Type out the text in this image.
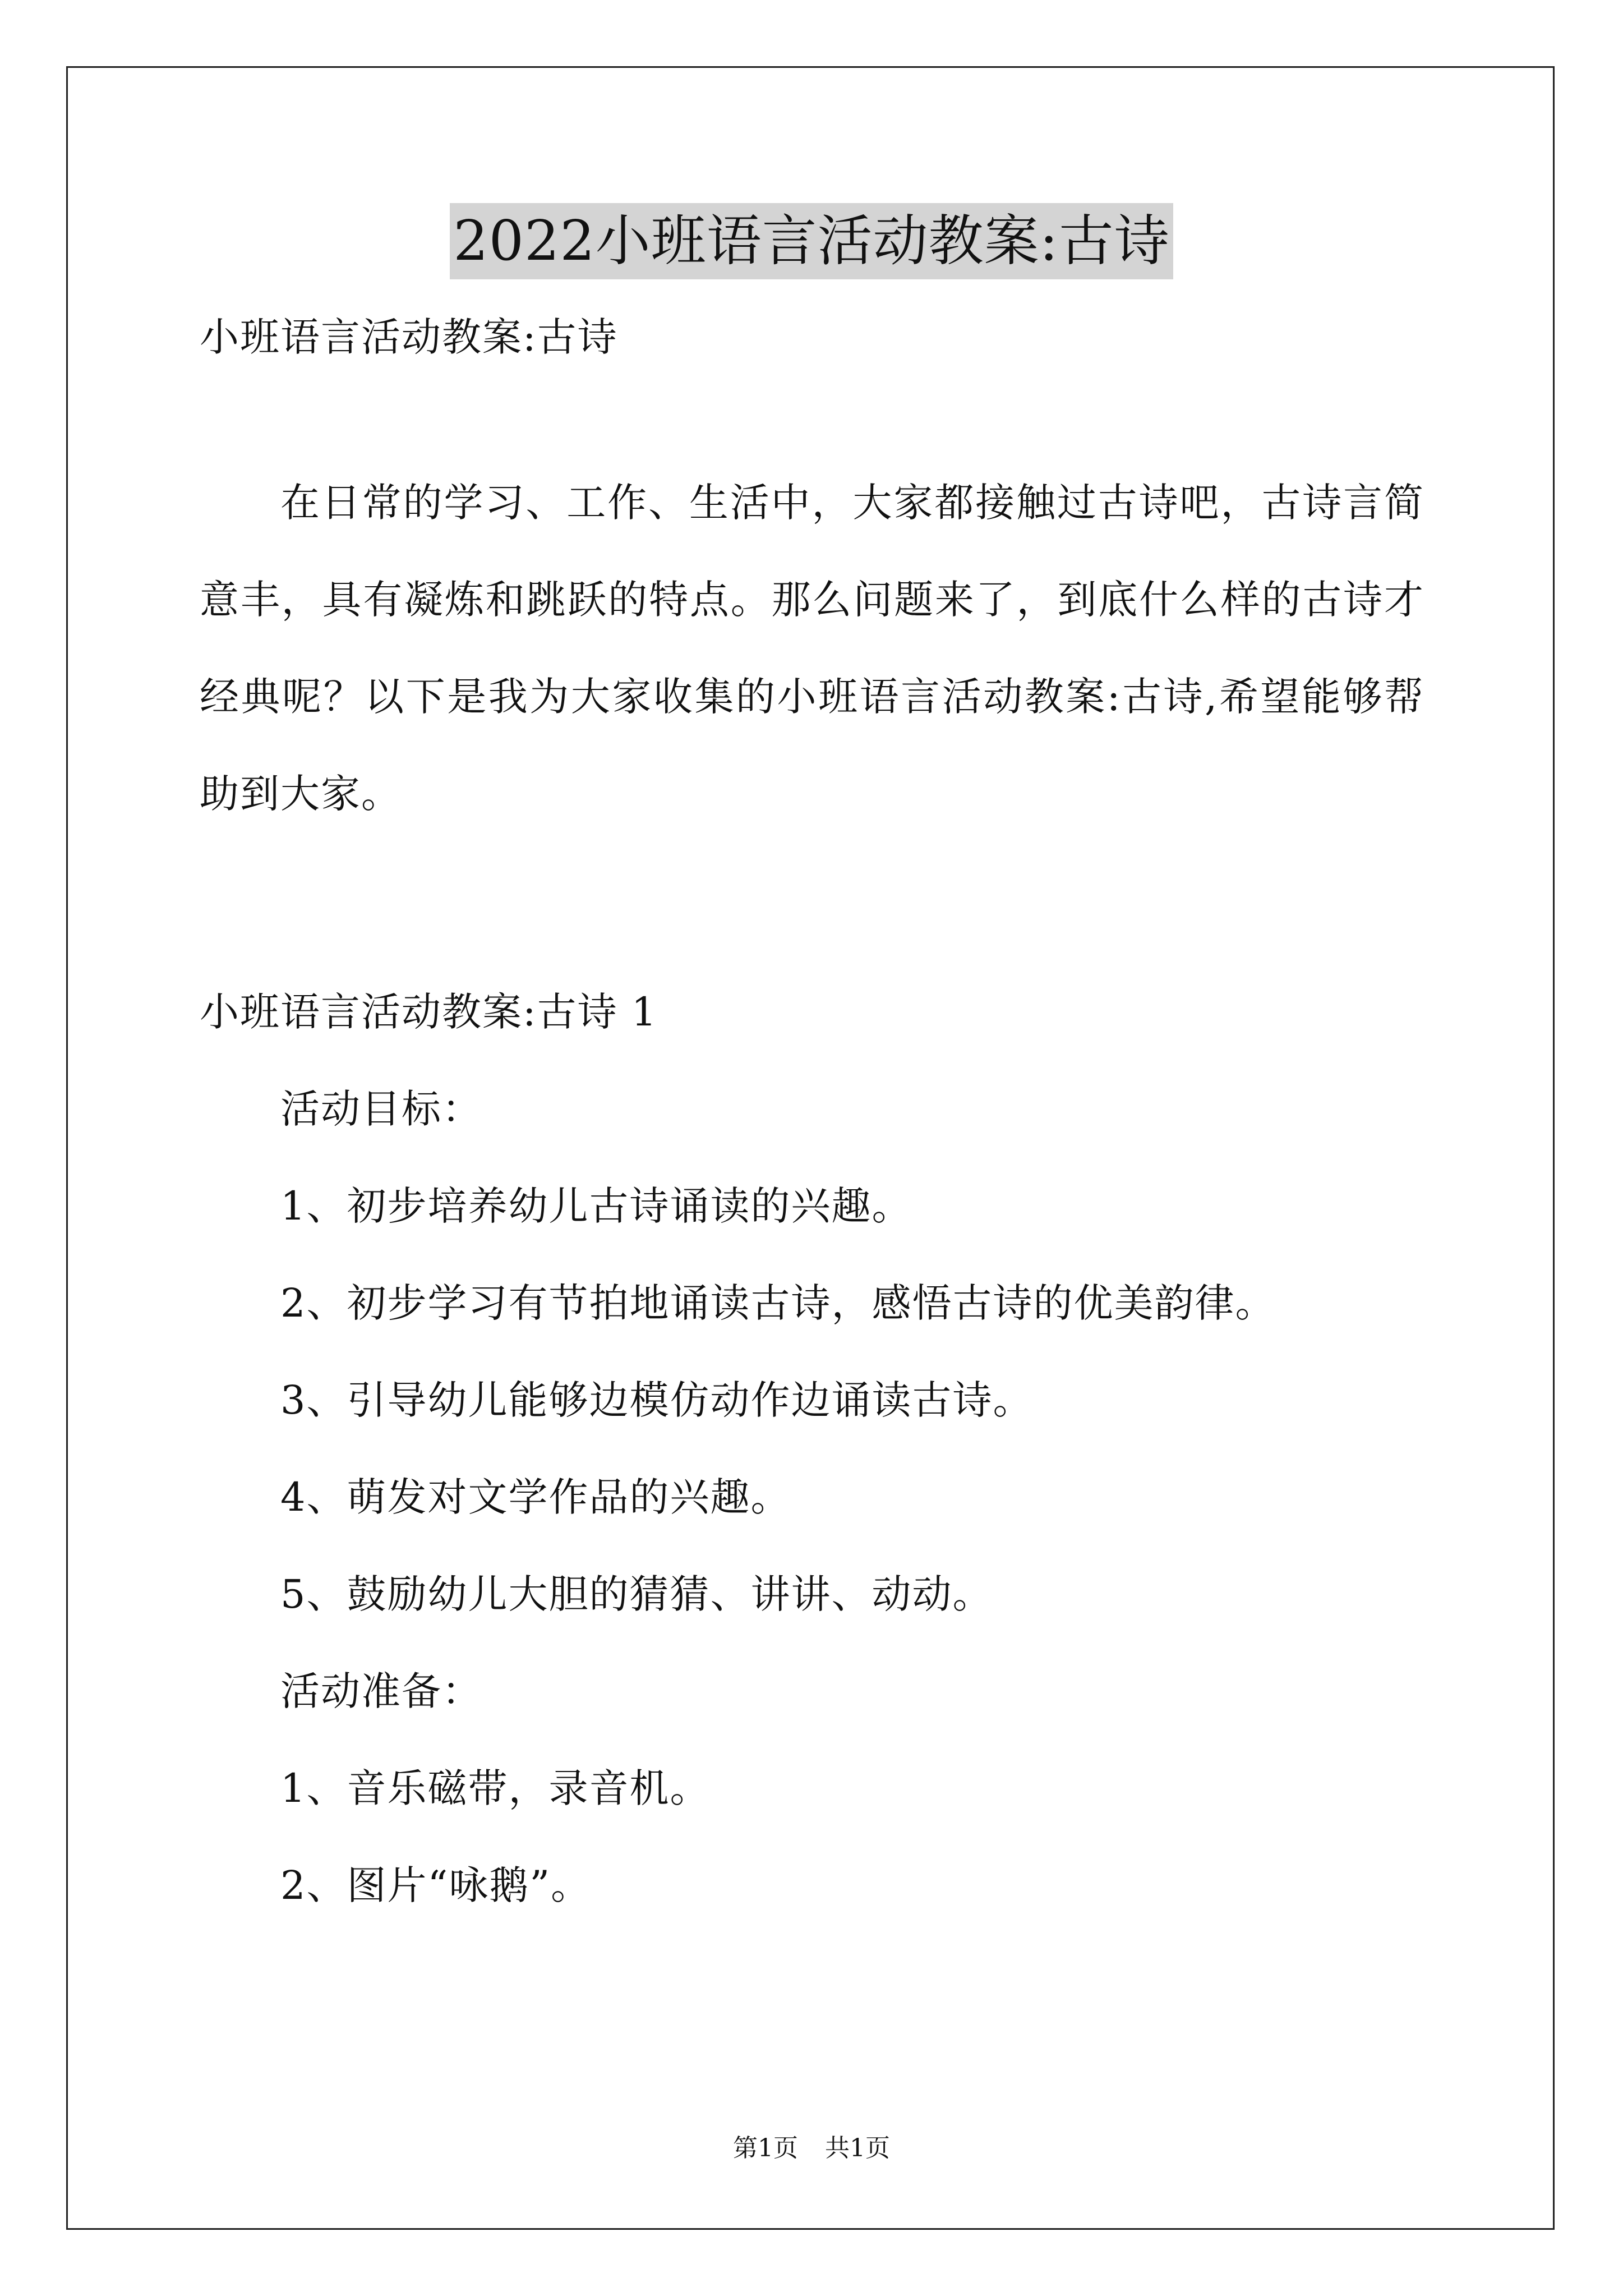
2022小班语言活动教案:古诗
小班语言活动教案:古诗
在日常的学习、工作、生活中，大家都接触过古诗吧，古诗言简意丰，具有凝炼和跳跃的特点。那么问题来了，到底什么样的古诗才经典呢？以下是我为大家收集的小班语言活动教案:古诗,希望能够帮助到大家。
小班语言活动教案:古诗 1
活动目标：
1、初步培养幼儿古诗诵读的兴趣。
2、初步学习有节拍地诵读古诗，感悟古诗的优美韵律。
3、引导幼儿能够边模仿动作边诵读古诗。
4、萌发对文学作品的兴趣。
5、鼓励幼儿大胆的猜猜、讲讲、动动。
活动准备：
1、音乐磁带，录音机。
2、图片“咏鹅”。
第1页 共1页
